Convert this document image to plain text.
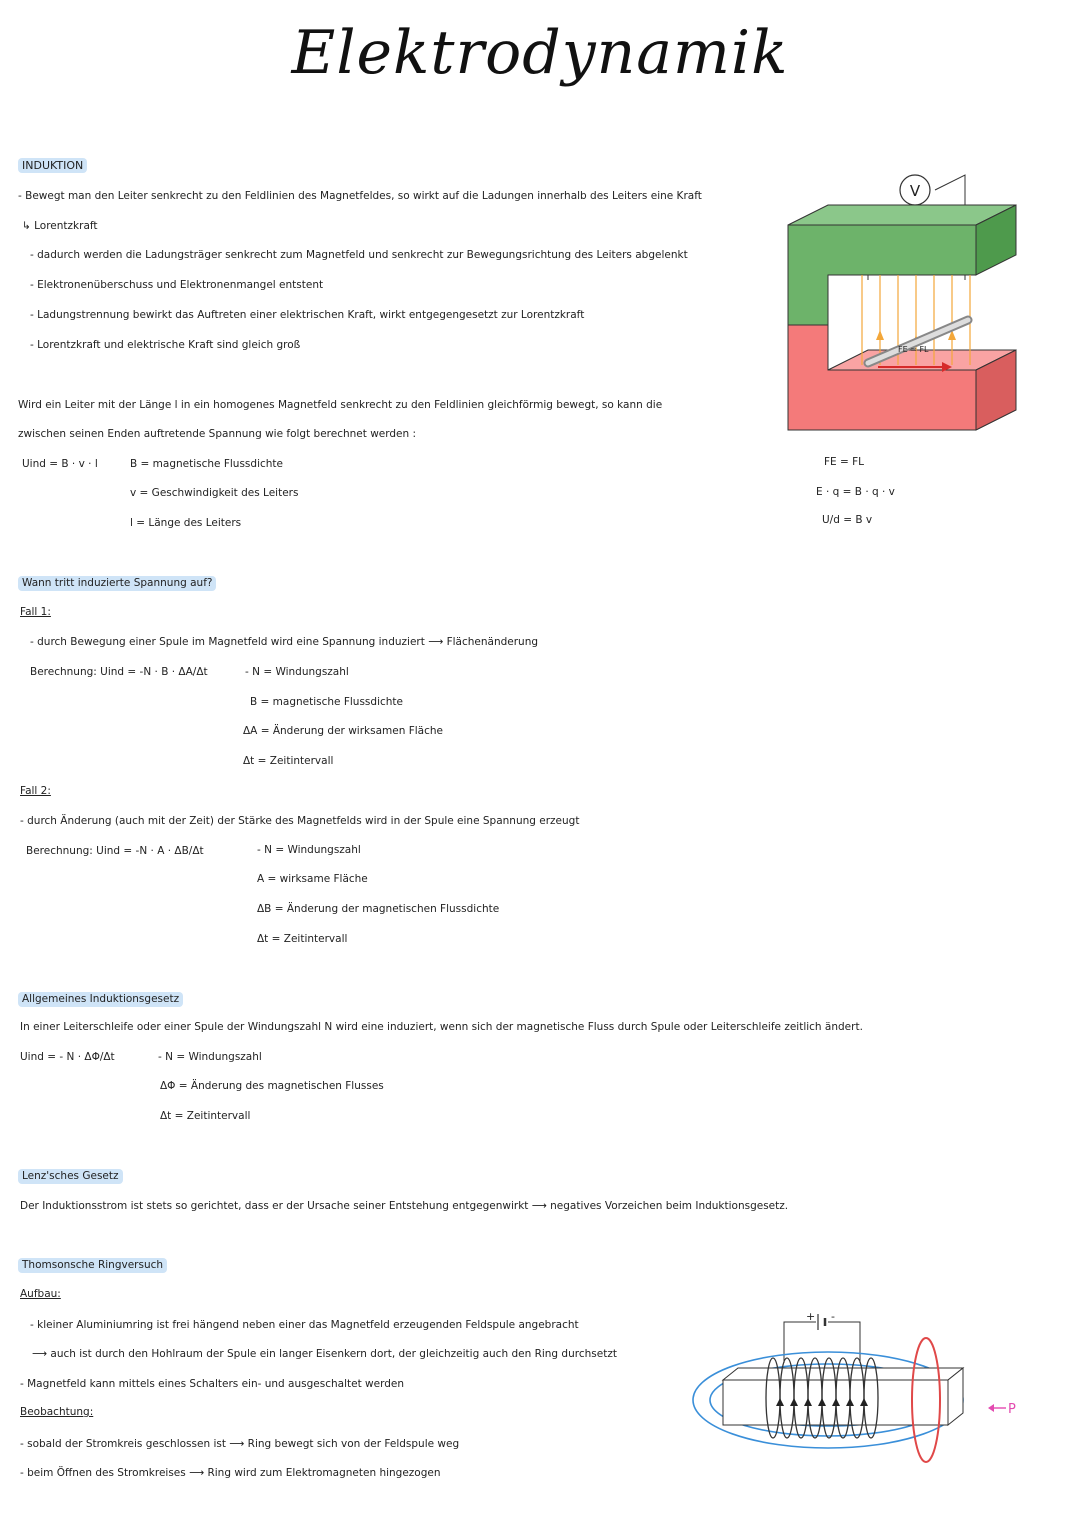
Elektrodynamik
INDUKTION
- Bewegt man den Leiter senkrecht zu den Feldlinien des Magnetfeldes, so wirkt auf die Ladungen innerhalb des Leiters eine Kraft
↳ Lorentzkraft
- dadurch werden die Ladungsträger senkrecht zum Magnetfeld und senkrecht zur Bewegungsrichtung des Leiters abgelenkt
- Elektronenüberschuss und Elektronenmangel entstent
- Ladungstrennung bewirkt das Auftreten einer elektrischen Kraft, wirkt entgegengesetzt zur Lorentzkraft
- Lorentzkraft und elektrische Kraft sind gleich groß
Wird ein Leiter mit der Länge l in ein homogenes Magnetfeld senkrecht zu den Feldlinien gleichförmig bewegt, so kann die
zwischen seinen Enden auftretende Spannung wie folgt berechnet werden :
Uind = B · v · l	B = magnetische Flussdichte
v = Geschwindigkeit des Leiters
l = Länge des Leiters
FE = FL
E · q = B · q · v
U/d = B v
V
FE = FL
Wann tritt induzierte Spannung auf?
Fall 1:
- durch Bewegung einer Spule im Magnetfeld wird eine Spannung induziert ⟶ Flächenänderung
Berechnung: Uind = -N · B · ΔA/Δt	- N = Windungszahl
B = magnetische Flussdichte
ΔA = Änderung der wirksamen Fläche
Δt = Zeitintervall
Fall 2:
- durch Änderung (auch mit der Zeit) der Stärke des Magnetfelds wird in der Spule eine Spannung erzeugt
Berechnung: Uind = -N · A · ΔB/Δt	- N = Windungszahl
A = wirksame Fläche
ΔB = Änderung der magnetischen Flussdichte
Δt = Zeitintervall
Allgemeines Induktionsgesetz
In einer Leiterschleife oder einer Spule der Windungszahl N wird eine induziert, wenn sich der magnetische Fluss durch Spule oder Leiterschleife zeitlich ändert.
Uind = - N · ΔΦ/Δt	- N = Windungszahl
ΔΦ = Änderung des magnetischen Flusses
Δt = Zeitintervall
Lenz'sches Gesetz
Der Induktionsstrom ist stets so gerichtet, dass er der Ursache seiner Entstehung entgegenwirkt ⟶ negatives Vorzeichen beim Induktionsgesetz.
Thomsonsche Ringversuch
Aufbau:
- kleiner Aluminiumring ist frei hängend neben einer das Magnetfeld erzeugenden Feldspule angebracht
⟶ auch ist durch den Hohlraum der Spule ein langer Eisenkern dort, der gleichzeitig auch den Ring durchsetzt
- Magnetfeld kann mittels eines Schalters ein- und ausgeschaltet werden
Beobachtung:
- sobald der Stromkreis geschlossen ist ⟶ Ring bewegt sich von der Feldspule weg
- beim Öffnen des Stromkreises ⟶ Ring wird zum Elektromagneten hingezogen
+ -
P
